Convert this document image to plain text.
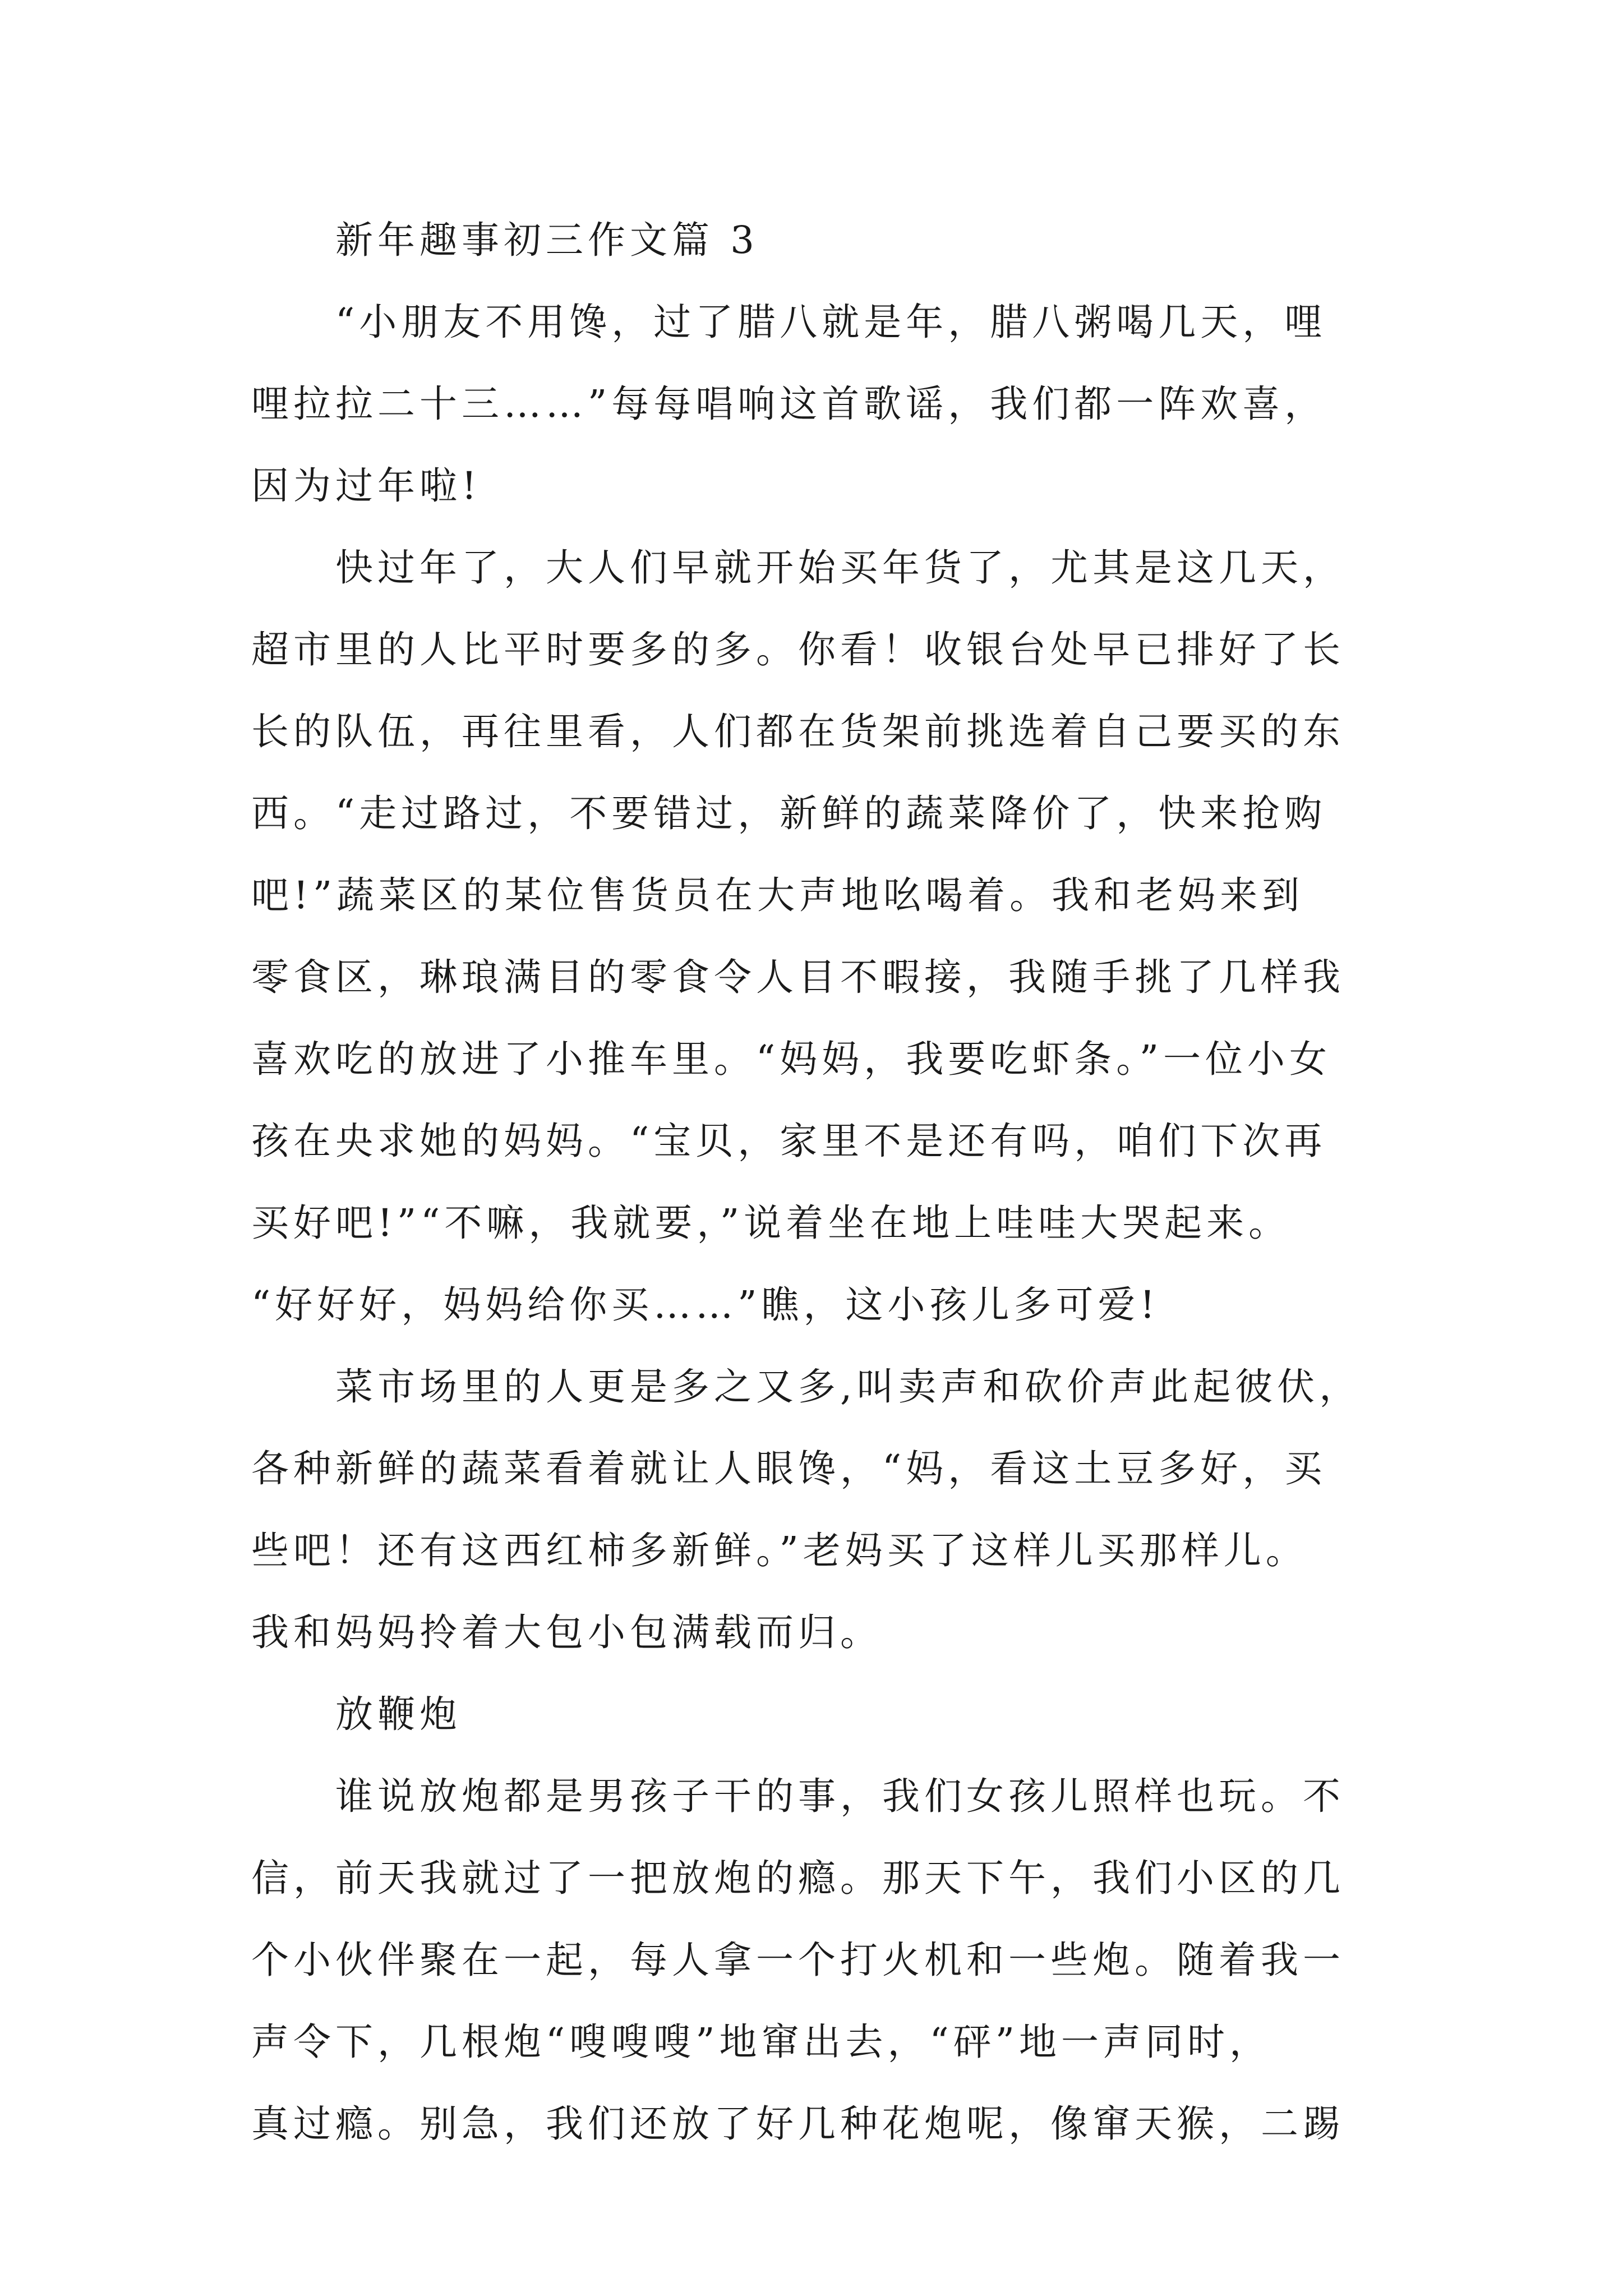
新年趣事初三作文篇 3
“小朋友不用馋，过了腊八就是年，腊八粥喝几天，哩
哩拉拉二十三……”每每唱响这首歌谣，我们都一阵欢喜，
因为过年啦!
快过年了，大人们早就开始买年货了，尤其是这几天，
超市里的人比平时要多的多。你看！收银台处早已排好了长
长的队伍，再往里看，人们都在货架前挑选着自己要买的东
西。“走过路过，不要错过，新鲜的蔬菜降价了，快来抢购
吧!”蔬菜区的某位售货员在大声地吆喝着。我和老妈来到
零食区，琳琅满目的零食令人目不暇接，我随手挑了几样我
喜欢吃的放进了小推车里。“妈妈，我要吃虾条。”一位小女
孩在央求她的妈妈。“宝贝，家里不是还有吗，咱们下次再
买好吧!”“不嘛，我就要，”说着坐在地上哇哇大哭起来。
“好好好，妈妈给你买……”瞧，这小孩儿多可爱!
菜市场里的人更是多之又多,叫卖声和砍价声此起彼伏，
各种新鲜的蔬菜看着就让人眼馋，“妈，看这土豆多好，买
些吧！还有这西红柿多新鲜。”老妈买了这样儿买那样儿。
我和妈妈拎着大包小包满载而归。
放鞭炮
谁说放炮都是男孩子干的事，我们女孩儿照样也玩。不
信，前天我就过了一把放炮的瘾。那天下午，我们小区的几
个小伙伴聚在一起，每人拿一个打火机和一些炮。随着我一
声令下，几根炮“嗖嗖嗖”地窜出去，“砰”地一声同时，
真过瘾。别急，我们还放了好几种花炮呢，像窜天猴，二踢
